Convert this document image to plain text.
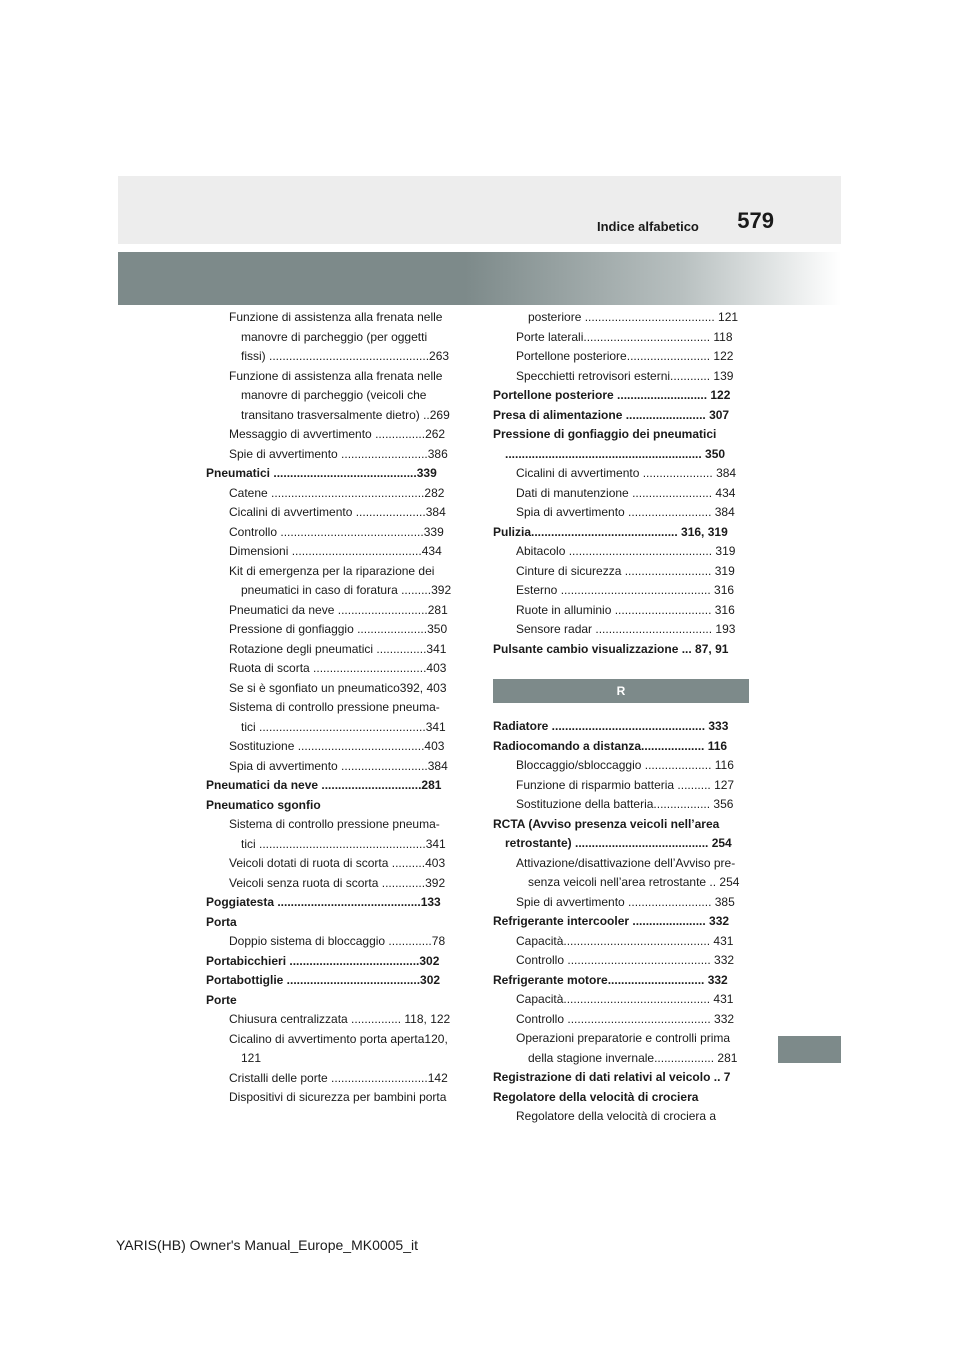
Indice alfabetico 579
Funzione di assistenza alla frenata nelle
manovre di parcheggio (per oggetti
fissi) ................................................263
Funzione di assistenza alla frenata nelle
manovre di parcheggio (veicoli che
transitano trasversalmente dietro) ..269
Messaggio di avvertimento ...............262
Spie di avvertimento ..........................386
Pneumatici ...........................................339
Catene ..............................................282
Cicalini di avvertimento .....................384
Controllo ...........................................339
Dimensioni .......................................434
Kit di emergenza per la riparazione dei
pneumatici in caso di foratura .........392
Pneumatici da neve ...........................281
Pressione di gonfiaggio .....................350
Rotazione degli pneumatici ...............341
Ruota di scorta ..................................403
Se si è sgonfiato un pneumatico392, 403
Sistema di controllo pressione pneuma-
tici ..................................................341
Sostituzione ......................................403
Spia di avvertimento ..........................384
Pneumatici da neve ..............................281
Pneumatico sgonfio
Sistema di controllo pressione pneuma-
tici ..................................................341
Veicoli dotati di ruota di scorta ..........403
Veicoli senza ruota di scorta .............392
Poggiatesta ...........................................133
Porta
Doppio sistema di bloccaggio .............78
Portabicchieri .......................................302
Portabottiglie ........................................302
Porte
Chiusura centralizzata ............... 118, 122
Cicalino di avvertimento porta aperta120,
121
Cristalli delle porte .............................142
Dispositivi di sicurezza per bambini porta
posteriore ....................................... 121
Porte laterali...................................... 118
Portellone posteriore......................... 122
Specchietti retrovisori esterni............ 139
Portellone posteriore ........................... 122
Presa di alimentazione ........................ 307
Pressione di gonfiaggio dei pneumatici
........................................................... 350
Cicalini di avvertimento ..................... 384
Dati di manutenzione ........................ 434
Spia di avvertimento ......................... 384
Pulizia............................................ 316, 319
Abitacolo ........................................... 319
Cinture di sicurezza .......................... 319
Esterno ............................................. 316
Ruote in alluminio ............................. 316
Sensore radar ................................... 193
Pulsante cambio visualizzazione ... 87, 91
R
Radiatore .............................................. 333
Radiocomando a distanza................... 116
Bloccaggio/sbloccaggio .................... 116
Funzione di risparmio batteria .......... 127
Sostituzione della batteria................. 356
RCTA (Avviso presenza veicoli nell’area
retrostante) ........................................ 254
Attivazione/disattivazione dell’Avviso pre-
senza veicoli nell’area retrostante .. 254
Spie di avvertimento ......................... 385
Refrigerante intercooler ...................... 332
Capacità............................................ 431
Controllo ........................................... 332
Refrigerante motore............................. 332
Capacità............................................ 431
Controllo ........................................... 332
Operazioni preparatorie e controlli prima
della stagione invernale.................. 281
Registrazione di dati relativi al veicolo .. 7
Regolatore della velocità di crociera
Regolatore della velocità di crociera a
YARIS(HB) Owner's Manual_Europe_MK0005_it
